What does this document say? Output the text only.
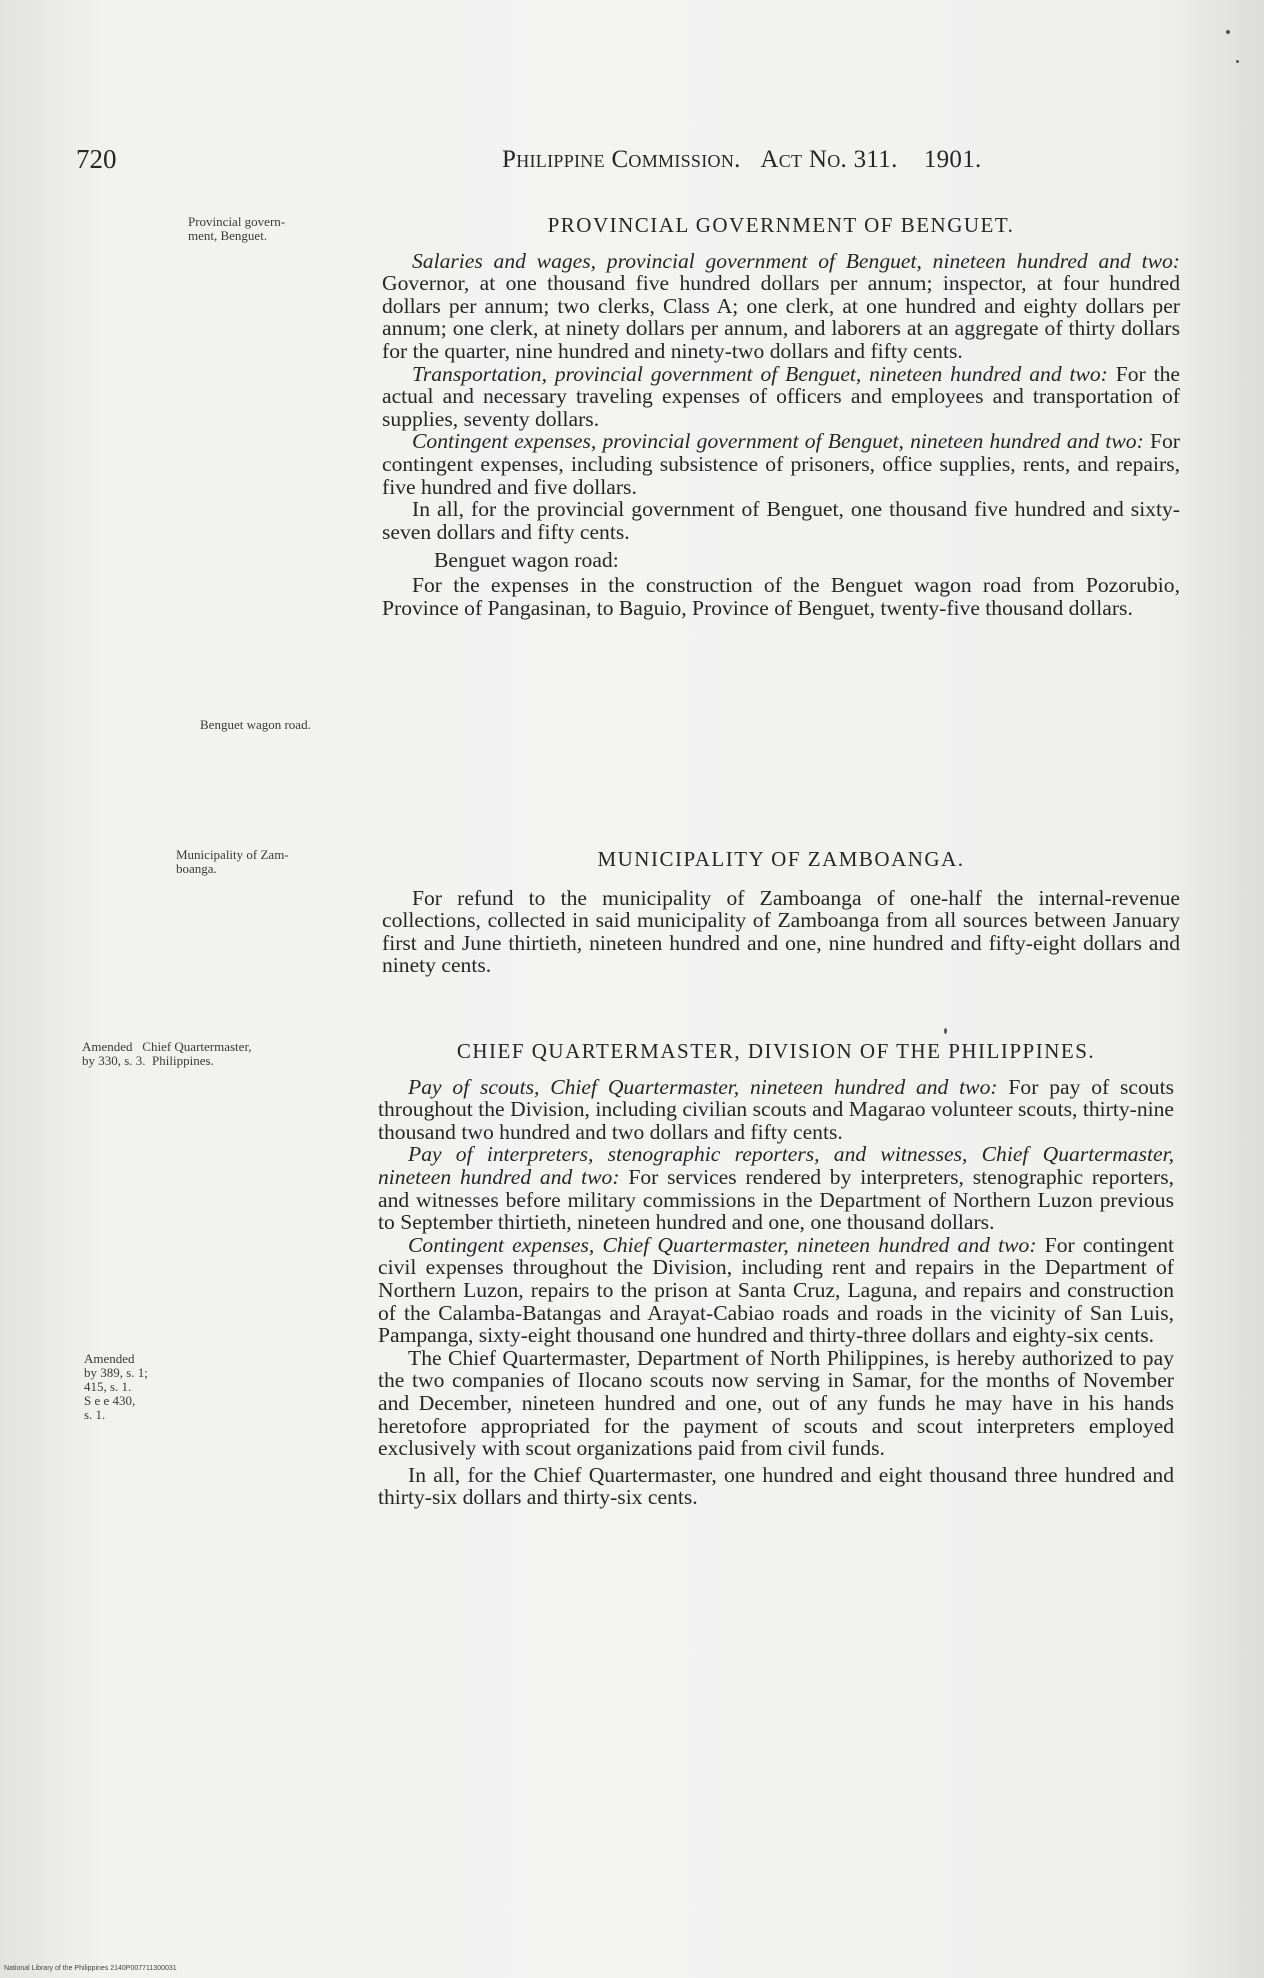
720	Philippine Commission. Act No. 311. 1901.
Provincial govern-
ment, Benguet.
Benguet wagon road.
Municipality of Zam-
boanga.
Amended   Chief Quartermaster,
by 330, s. 3.  Philippines.
Amended
by 389, s. 1;
415, s. 1.
S e e 430,
s. 1.

PROVINCIAL GOVERNMENT OF BENGUET.

Salaries and wages, provincial government of Benguet, nineteen hundred and two: Governor, at one thousand five hundred dollars per annum; inspector, at four hundred dollars per annum; two clerks, Class A; one clerk, at one hundred and eighty dollars per annum; one clerk, at ninety dollars per annum, and laborers at an aggregate of thirty dollars for the quarter, nine hundred and ninety-two dollars and fifty cents.

Transportation, provincial government of Benguet, nineteen hundred and two: For the actual and necessary traveling expenses of officers and employees and transportation of supplies, seventy dollars.

Contingent expenses, provincial government of Benguet, nineteen hundred and two: For contingent expenses, including subsistence of prisoners, office supplies, rents, and repairs, five hundred and five dollars.

In all, for the provincial government of Benguet, one thousand five hundred and sixty-seven dollars and fifty cents.

Benguet wagon road:

For the expenses in the construction of the Benguet wagon road from Pozorubio, Province of Pangasinan, to Baguio, Province of Benguet, twenty-five thousand dollars.

MUNICIPALITY OF ZAMBOANGA.

For refund to the municipality of Zamboanga of one-half the internal-revenue collections, collected in said municipality of Zamboanga from all sources between January first and June thirtieth, nineteen hundred and one, nine hundred and fifty-eight dollars and ninety cents.

CHIEF QUARTERMASTER, DIVISION OF THE PHILIPPINES.

Pay of scouts, Chief Quartermaster, nineteen hundred and two: For pay of scouts throughout the Division, including civilian scouts and Magarao volunteer scouts, thirty-nine thousand two hundred and two dollars and fifty cents.

Pay of interpreters, stenographic reporters, and witnesses, Chief Quartermaster, nineteen hundred and two: For services rendered by interpreters, stenographic reporters, and witnesses before military commissions in the Department of Northern Luzon previous to September thirtieth, nineteen hundred and one, one thousand dollars.

Contingent expenses, Chief Quartermaster, nineteen hundred and two: For contingent civil expenses throughout the Division, including rent and repairs in the Department of Northern Luzon, repairs to the prison at Santa Cruz, Laguna, and repairs and construction of the Calamba-Batangas and Arayat-Cabiao roads and roads in the vicinity of San Luis, Pampanga, sixty-eight thousand one hundred and thirty-three dollars and eighty-six cents.

The Chief Quartermaster, Department of North Philippines, is hereby authorized to pay the two companies of Ilocano scouts now serving in Samar, for the months of November and December, nineteen hundred and one, out of any funds he may have in his hands heretofore appropriated for the payment of scouts and scout interpreters employed exclusively with scout organizations paid from civil funds.

In all, for the Chief Quartermaster, one hundred and eight thousand three hundred and thirty-six dollars and thirty-six cents.

National Library of the Philippines 2140P007711300031
